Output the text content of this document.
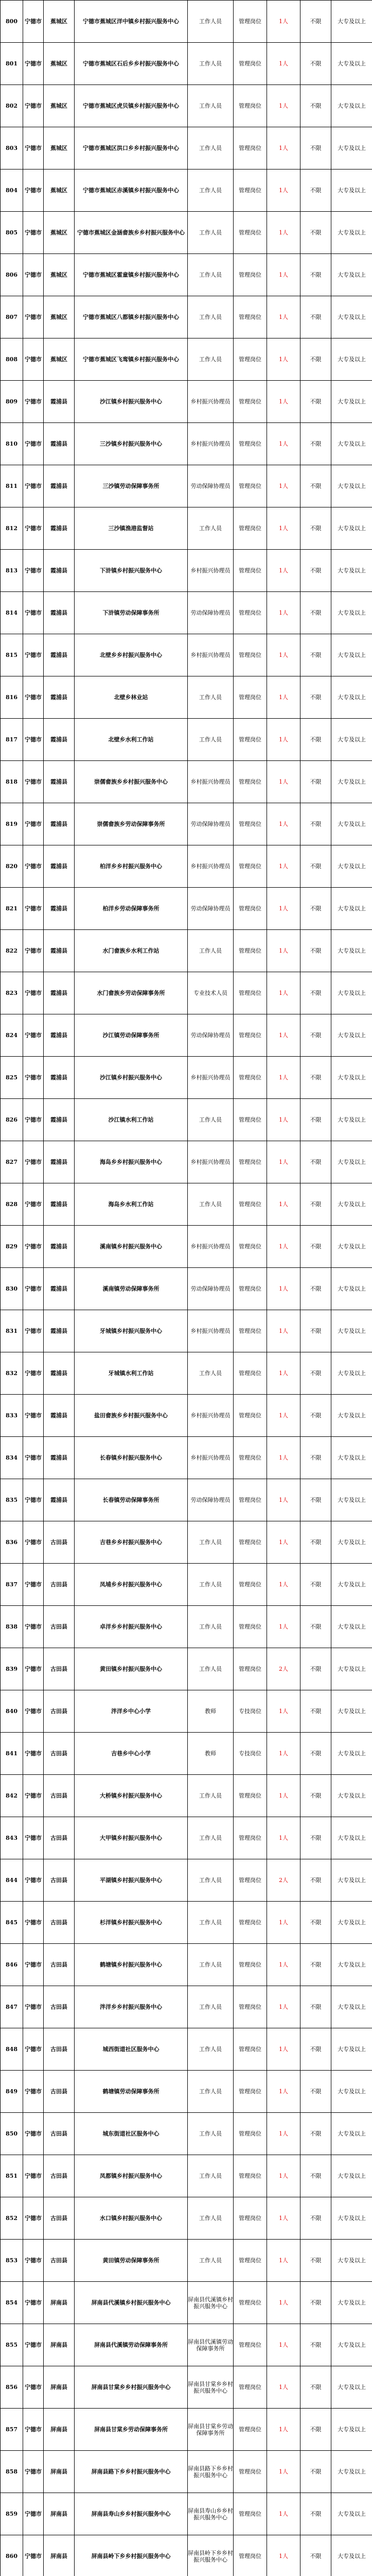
800	宁德市	蕉城区	宁德市蕉城区洋中镇乡村振兴服务中心	工作人员	管理岗位	1人	不限	大专及以上
801	宁德市	蕉城区	宁德市蕉城区石后乡乡村振兴服务中心	工作人员	管理岗位	1人	不限	大专及以上
802	宁德市	蕉城区	宁德市蕉城区虎贝镇乡村振兴服务中心	工作人员	管理岗位	1人	不限	大专及以上
803	宁德市	蕉城区	宁德市蕉城区洪口乡乡村振兴服务中心	工作人员	管理岗位	1人	不限	大专及以上
804	宁德市	蕉城区	宁德市蕉城区赤溪镇乡村振兴服务中心	工作人员	管理岗位	1人	不限	大专及以上
805	宁德市	蕉城区	宁德市蕉城区金涵畲族乡乡村振兴服务中心	工作人员	管理岗位	1人	不限	大专及以上
806	宁德市	蕉城区	宁德市蕉城区霍童镇乡村振兴服务中心	工作人员	管理岗位	1人	不限	大专及以上
807	宁德市	蕉城区	宁德市蕉城区八都镇乡村振兴服务中心	工作人员	管理岗位	1人	不限	大专及以上
808	宁德市	蕉城区	宁德市蕉城区飞鸾镇乡村振兴服务中心	工作人员	管理岗位	1人	不限	大专及以上
809	宁德市	霞浦县	沙江镇乡村振兴服务中心	乡村振兴协理员	管理岗位	1人	不限	大专及以上
810	宁德市	霞浦县	三沙镇乡村振兴服务中心	乡村振兴协理员	管理岗位	1人	不限	大专及以上
811	宁德市	霞浦县	三沙镇劳动保障事务所	劳动保障协理员	管理岗位	1人	不限	大专及以上
812	宁德市	霞浦县	三沙镇渔港监督站	工作人员	管理岗位	1人	不限	大专及以上
813	宁德市	霞浦县	下浒镇乡村振兴服务中心	乡村振兴协理员	管理岗位	1人	不限	大专及以上
814	宁德市	霞浦县	下浒镇劳动保障事务所	劳动保障协理员	管理岗位	1人	不限	大专及以上
815	宁德市	霞浦县	北壁乡乡村振兴服务中心	乡村振兴协理员	管理岗位	1人	不限	大专及以上
816	宁德市	霞浦县	北壁乡林业站	工作人员	管理岗位	1人	不限	大专及以上
817	宁德市	霞浦县	北壁乡水利工作站	工作人员	管理岗位	1人	不限	大专及以上
818	宁德市	霞浦县	崇儒畲族乡乡村振兴服务中心	乡村振兴协理员	管理岗位	1人	不限	大专及以上
819	宁德市	霞浦县	崇儒畲族乡劳动保障事务所	劳动保障协理员	管理岗位	1人	不限	大专及以上
820	宁德市	霞浦县	柏洋乡乡村振兴服务中心	乡村振兴协理员	管理岗位	1人	不限	大专及以上
821	宁德市	霞浦县	柏洋乡劳动保障事务所	劳动保障协理员	管理岗位	1人	不限	大专及以上
822	宁德市	霞浦县	水门畲族乡水利工作站	工作人员	管理岗位	1人	不限	大专及以上
823	宁德市	霞浦县	水门畲族乡劳动保障事务所	专业技术人员	管理岗位	1人	不限	大专及以上
824	宁德市	霞浦县	沙江镇劳动保障事务所	劳动保障协理员	管理岗位	1人	不限	大专及以上
825	宁德市	霞浦县	沙江镇乡村振兴服务中心	乡村振兴协理员	管理岗位	1人	不限	大专及以上
826	宁德市	霞浦县	沙江镇水利工作站	工作人员	管理岗位	1人	不限	大专及以上
827	宁德市	霞浦县	海岛乡乡村振兴服务中心	乡村振兴协理员	管理岗位	1人	不限	大专及以上
828	宁德市	霞浦县	海岛乡水利工作站	工作人员	管理岗位	1人	不限	大专及以上
829	宁德市	霞浦县	溪南镇乡村振兴服务中心	乡村振兴协理员	管理岗位	1人	不限	大专及以上
830	宁德市	霞浦县	溪南镇劳动保障事务所	劳动保障协理员	管理岗位	1人	不限	大专及以上
831	宁德市	霞浦县	牙城镇乡村振兴服务中心	乡村振兴协理员	管理岗位	1人	不限	大专及以上
832	宁德市	霞浦县	牙城镇水利工作站	工作人员	管理岗位	1人	不限	大专及以上
833	宁德市	霞浦县	盐田畲族乡乡村振兴服务中心	乡村振兴协理员	管理岗位	1人	不限	大专及以上
834	宁德市	霞浦县	长春镇乡村振兴服务中心	乡村振兴协理员	管理岗位	1人	不限	大专及以上
835	宁德市	霞浦县	长春镇劳动保障事务所	劳动保障协理员	管理岗位	1人	不限	大专及以上
836	宁德市	古田县	吉巷乡乡村振兴服务中心	工作人员	管理岗位	1人	不限	大专及以上
837	宁德市	古田县	凤埔乡乡村振兴服务中心	工作人员	管理岗位	1人	不限	大专及以上
838	宁德市	古田县	卓洋乡乡村振兴服务中心	工作人员	管理岗位	1人	不限	大专及以上
839	宁德市	古田县	黄田镇乡村振兴服务中心	工作人员	管理岗位	2人	不限	大专及以上
840	宁德市	古田县	泮洋乡中心小学	教师	专技岗位	1人	不限	大专及以上
841	宁德市	古田县	吉巷乡中心小学	教师	专技岗位	1人	不限	大专及以上
842	宁德市	古田县	大桥镇乡村振兴服务中心	工作人员	管理岗位	1人	不限	大专及以上
843	宁德市	古田县	大甲镇乡村振兴服务中心	工作人员	管理岗位	1人	不限	大专及以上
844	宁德市	古田县	平湖镇乡村振兴服务中心	工作人员	管理岗位	2人	不限	大专及以上
845	宁德市	古田县	杉洋镇乡村振兴服务中心	工作人员	管理岗位	1人	不限	大专及以上
846	宁德市	古田县	鹤塘镇乡村振兴服务中心	工作人员	管理岗位	1人	不限	大专及以上
847	宁德市	古田县	泮洋乡乡村振兴服务中心	工作人员	管理岗位	1人	不限	大专及以上
848	宁德市	古田县	城西街道社区服务中心	工作人员	管理岗位	1人	不限	大专及以上
849	宁德市	古田县	鹤塘镇劳动保障事务所	工作人员	管理岗位	1人	不限	大专及以上
850	宁德市	古田县	城东街道社区服务中心	工作人员	管理岗位	1人	不限	大专及以上
851	宁德市	古田县	凤都镇乡村振兴服务中心	工作人员	管理岗位	1人	不限	大专及以上
852	宁德市	古田县	水口镇乡村振兴服务中心	工作人员	管理岗位	1人	不限	大专及以上
853	宁德市	古田县	黄田镇劳动保障事务所	工作人员	管理岗位	1人	不限	大专及以上
854	宁德市	屏南县	屏南县代溪镇乡村振兴服务中心	屏南县代溪镇乡村振兴服务中心	管理岗位	1人	不限	大专及以上
855	宁德市	屏南县	屏南县代溪镇劳动保障事务所	屏南县代溪镇劳动保障事务所	管理岗位	1人	不限	大专及以上
856	宁德市	屏南县	屏南县甘棠乡乡村振兴服务中心	屏南县甘棠乡乡村振兴服务中心	管理岗位	1人	不限	大专及以上
857	宁德市	屏南县	屏南县甘棠乡劳动保障事务所	屏南县甘棠乡劳动保障事务所	管理岗位	1人	不限	大专及以上
858	宁德市	屏南县	屏南县路下乡乡村振兴服务中心	屏南县路下乡乡村振兴服务中心	管理岗位	1人	不限	大专及以上
859	宁德市	屏南县	屏南县寿山乡乡村振兴服务中心	屏南县寿山乡乡村振兴服务中心	管理岗位	1人	不限	大专及以上
860	宁德市	屏南县	屏南县岭下乡乡村振兴服务中心	屏南县岭下乡乡村振兴服务中心	管理岗位	1人	不限	大专及以上
